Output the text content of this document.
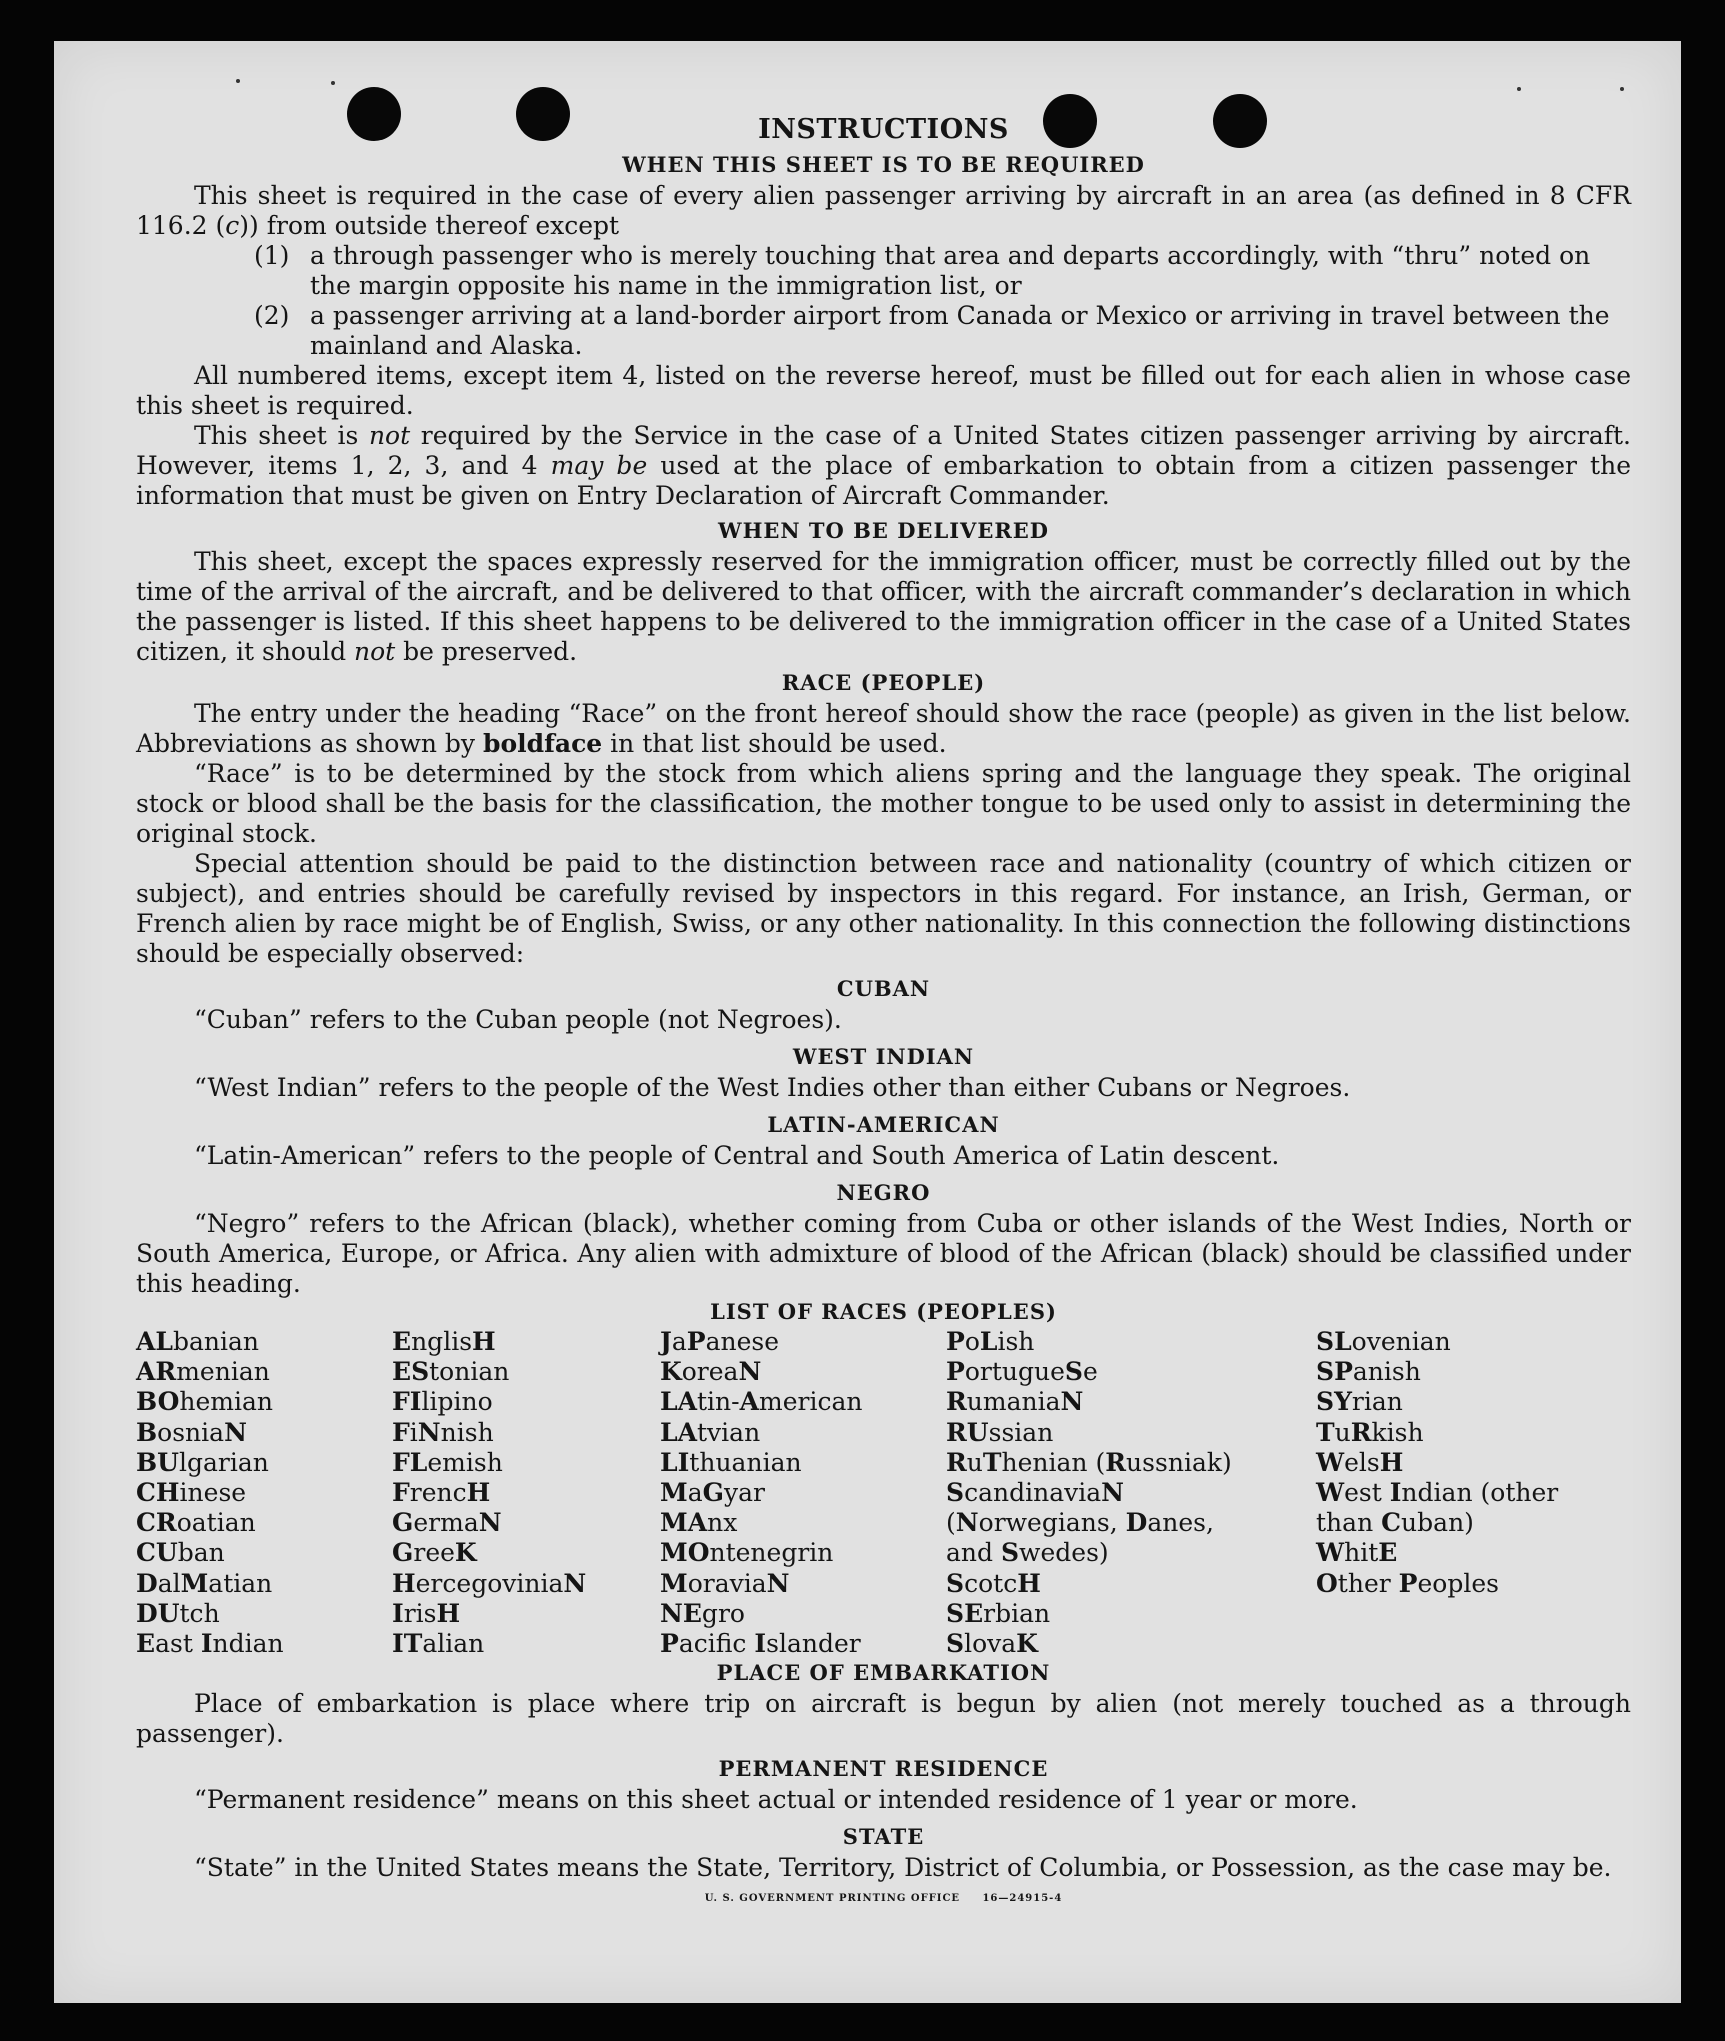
INSTRUCTIONS
WHEN THIS SHEET IS TO BE REQUIRED

This sheet is required in the case of every alien passenger arriving by aircraft in an area (as defined in 8 CFR 116.2 (c)) from outside thereof except

(1) a through passenger who is merely touching that area and departs accordingly, with “thru” noted on the margin opposite his name in the immigration list, or
(2) a passenger arriving at a land-border airport from Canada or Mexico or arriving in travel between the mainland and Alaska.

All numbered items, except item 4, listed on the reverse hereof, must be filled out for each alien in whose case this sheet is required.

This sheet is not required by the Service in the case of a United States citizen passenger arriving by aircraft. However, items 1, 2, 3, and 4 may be used at the place of embarkation to obtain from a citizen passenger the information that must be given on Entry Declaration of Aircraft Commander.

WHEN TO BE DELIVERED

This sheet, except the spaces expressly reserved for the immigration officer, must be correctly filled out by the time of the arrival of the aircraft, and be delivered to that officer, with the aircraft commander’s declaration in which the passenger is listed. If this sheet happens to be delivered to the immigration officer in the case of a United States citizen, it should not be preserved.

RACE (PEOPLE)

The entry under the heading “Race” on the front hereof should show the race (people) as given in the list below. Abbreviations as shown by boldface in that list should be used.

“Race” is to be determined by the stock from which aliens spring and the language they speak. The original stock or blood shall be the basis for the classification, the mother tongue to be used only to assist in determining the original stock.

Special attention should be paid to the distinction between race and nationality (country of which citizen or subject), and entries should be carefully revised by inspectors in this regard. For instance, an Irish, German, or French alien by race might be of English, Swiss, or any other nationality. In this connection the following distinctions should be especially observed:

CUBAN

“Cuban” refers to the Cuban people (not Negroes).

WEST INDIAN

“West Indian” refers to the people of the West Indies other than either Cubans or Negroes.

LATIN-AMERICAN

“Latin-American” refers to the people of Central and South America of Latin descent.

NEGRO

“Negro” refers to the African (black), whether coming from Cuba or other islands of the West Indies, North or South America, Europe, or Africa. Any alien with admixture of blood of the African (black) should be classified under this heading.

LIST OF RACES (PEOPLES)
ALbanian
ARmenian
BOhemian
BosniaN
BUlgarian
CHinese
CRoatian
CUban
DalMatian
DUtch
East Indian
EnglisH
EStonian
FIlipino
FiNnish
FLemish
FrencH
GermaN
GreeK
HercegoviniaN
IrisH
ITalian
JaPanese
KoreaN
LAtin-American
LAtvian
LIthuanian
MaGyar
MAnx
MOntenegrin
MoraviaN
NEgro
Pacifc Islander
PoLish
PortugueSe
RumaniaN
RUssian
RuThenian (Russniak)
ScandinaviaN (Norwegians, Danes, and Swedes)
ScotcH
SErbian
SlovaK
SLovenian
SPanish
SYrian
TuRkish
WelsH
West Indian (other than Cuban)
WhitE
Other Peoples
PLACE OF EMBARKATION

Place of embarkation is place where trip on aircraft is begun by alien (not merely touched as a through passenger).

PERMANENT RESIDENCE

“Permanent residence” means on this sheet actual or intended residence of 1 year or more.

STATE

“State” in the United States means the State, Territory, District of Columbia, or Possession, as the case may be.

U. S. GOVERNMENT PRINTING OFFICE     16—24915-4
